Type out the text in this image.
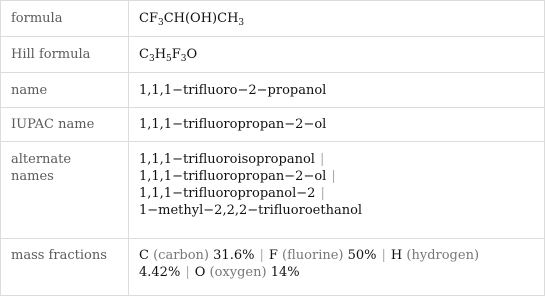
formula	$CF_3CH(OH)CH_3$
Hill formula	$C_3H_5F_3O$
name	1,1,1−trifluoro−2−propanol
IUPAC name	1,1,1−trifluoropropan−2−ol
alternate names	1,1,1−trifluoroisopropanol |
1,1,1−trifluoropropan−2−ol |
1,1,1−trifluoropropanol−2 |
1−methyl−2,2,2−trifluoroethanol

mass fractions	C (carbon) 31.6% | F (fluorine) 50% | H (hydrogen)
4.42% | O (oxygen) 14%
